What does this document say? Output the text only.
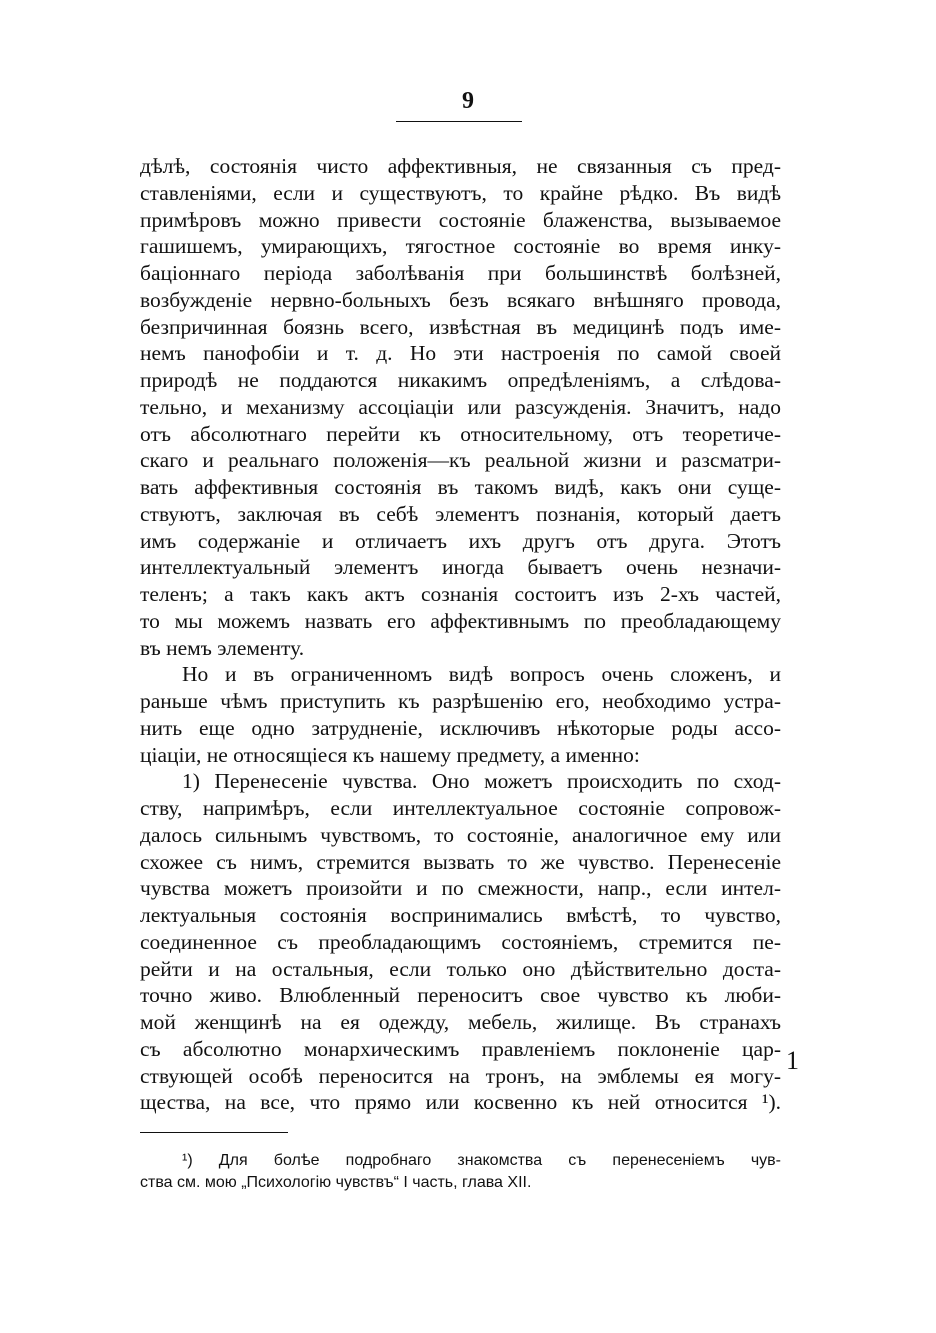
9
дѣлѣ, состоянія чисто аффективныя, не связанныя съ пред-
ставленіями, если и существуютъ, то крайне рѣдко. Въ видѣ
примѣровъ можно привести состояніе блаженства, вызываемое
гашишемъ, умирающихъ, тягостное состояніе во время инку-
баціоннаго періода заболѣванія при большинствѣ болѣзней,
возбужденіе нервно-больныхъ безъ всякаго внѣшняго провода,
безпричинная боязнь всего, извѣстная въ медицинѣ подъ име-
немъ панофобіи и т. д. Но эти настроенія по самой своей
природѣ не поддаются никакимъ опредѣленіямъ, а слѣдова-
тельно, и механизму ассоціаціи или разсужденія. Значитъ, надо
отъ абсолютнаго перейти къ относительному, отъ теоретиче-
скаго и реальнаго положенія—къ реальной жизни и разсматри-
вать аффективныя состоянія въ такомъ видѣ, какъ они суще-
ствуютъ, заключая въ себѣ элементъ познанія, который даетъ
имъ содержаніе и отличаетъ ихъ другъ отъ друга. Этотъ
интеллектуальный элементъ иногда бываетъ очень незначи-
теленъ; а такъ какъ актъ сознанія состоитъ изъ 2-хъ частей,
то мы можемъ назвать его аффективнымъ по преобладающему
въ немъ элементу.
Но и въ ограниченномъ видѣ вопросъ очень сложенъ, и
раньше чѣмъ приступить къ разрѣшенію его, необходимо устра-
нить еще одно затрудненіе, исключивъ нѣкоторые роды ассо-
ціаціи, не относящіеся къ нашему предмету, а именно:
1) Перенесеніе чувства. Оно можетъ происходить по сход-
ству, напримѣръ, если интеллектуальное состояніе сопровож-
далось сильнымъ чувствомъ, то состояніе, аналогичное ему или
схожее съ нимъ, стремится вызвать то же чувство. Перенесеніе
чувства можетъ произойти и по смежности, напр., если интел-
лектуальныя состоянія воспринимались вмѣстѣ, то чувство,
соединенное съ преобладающимъ состояніемъ, стремится пе-
рейти и на остальныя, если только оно дѣйствительно доста-
точно живо. Влюбленный переноситъ свое чувство къ люби-
мой женщинѣ на ея одежду, мебель, жилище. Въ странахъ
съ абсолютно монархическимъ правленіемъ поклоненіе цар-
ствующей особѣ переносится на тронъ, на эмблемы ея могу-
щества, на все, что прямо или косвенно къ ней относится ¹).
1
¹) Для болѣе подробнаго знакомства съ перенесеніемъ чув-
ства см. мою „Психологію чувствъ“ I часть, глава XII.
